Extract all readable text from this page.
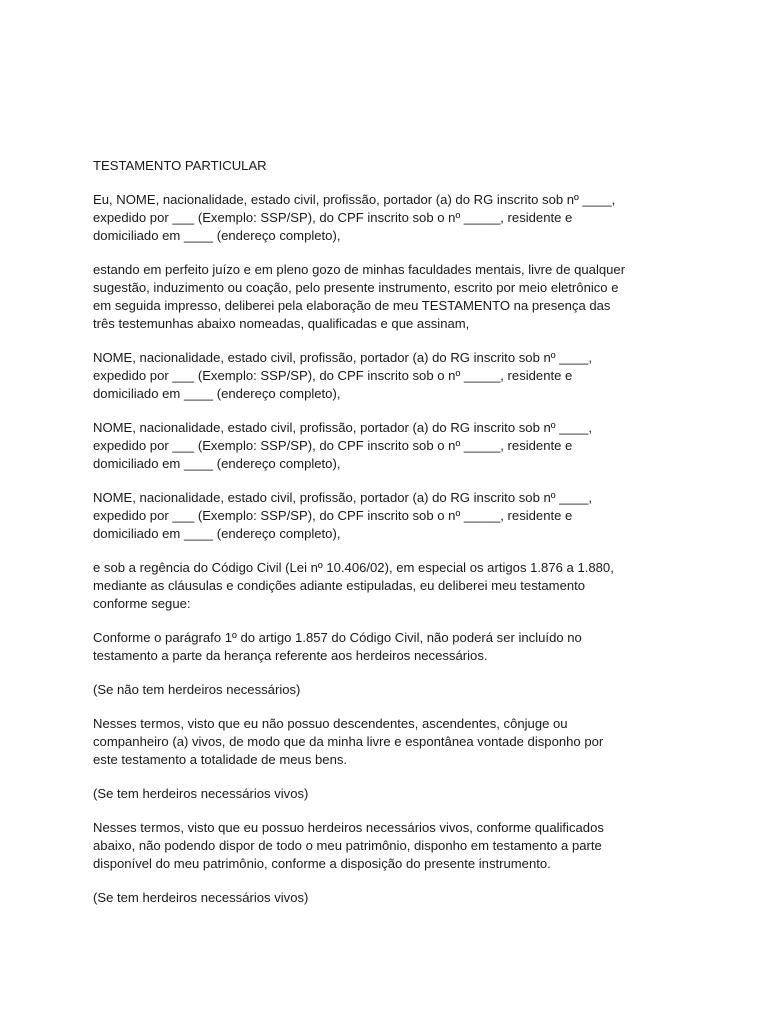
TESTAMENTO PARTICULAR
Eu, NOME, nacionalidade, estado civil, profissão, portador (a) do RG inscrito sob nº ____,
expedido por ___ (Exemplo: SSP/SP), do CPF inscrito sob o nº _____, residente e
domiciliado em ____ (endereço completo),
estando em perfeito juízo e em pleno gozo de minhas faculdades mentais, livre de qualquer
sugestão, induzimento ou coação, pelo presente instrumento, escrito por meio eletrônico e
em seguida impresso, deliberei pela elaboração de meu TESTAMENTO na presença das
três testemunhas abaixo nomeadas, qualificadas e que assinam,
NOME, nacionalidade, estado civil, profissão, portador (a) do RG inscrito sob nº ____,
expedido por ___ (Exemplo: SSP/SP), do CPF inscrito sob o nº _____, residente e
domiciliado em ____ (endereço completo),
NOME, nacionalidade, estado civil, profissão, portador (a) do RG inscrito sob nº ____,
expedido por ___ (Exemplo: SSP/SP), do CPF inscrito sob o nº _____, residente e
domiciliado em ____ (endereço completo),
NOME, nacionalidade, estado civil, profissão, portador (a) do RG inscrito sob nº ____,
expedido por ___ (Exemplo: SSP/SP), do CPF inscrito sob o nº _____, residente e
domiciliado em ____ (endereço completo),
e sob a regência do Código Civil (Lei nº 10.406/02), em especial os artigos 1.876 a 1.880,
mediante as cláusulas e condições adiante estipuladas, eu deliberei meu testamento
conforme segue:
Conforme o parágrafo 1º do artigo 1.857 do Código Civil, não poderá ser incluído no
testamento a parte da herança referente aos herdeiros necessários.
(Se não tem herdeiros necessários)
Nesses termos, visto que eu não possuo descendentes, ascendentes, cônjuge ou
companheiro (a) vivos, de modo que da minha livre e espontânea vontade disponho por
este testamento a totalidade de meus bens.
(Se tem herdeiros necessários vivos)
Nesses termos, visto que eu possuo herdeiros necessários vivos, conforme qualificados
abaixo, não podendo dispor de todo o meu patrimônio, disponho em testamento a parte
disponível do meu patrimônio, conforme a disposição do presente instrumento.
(Se tem herdeiros necessários vivos)
